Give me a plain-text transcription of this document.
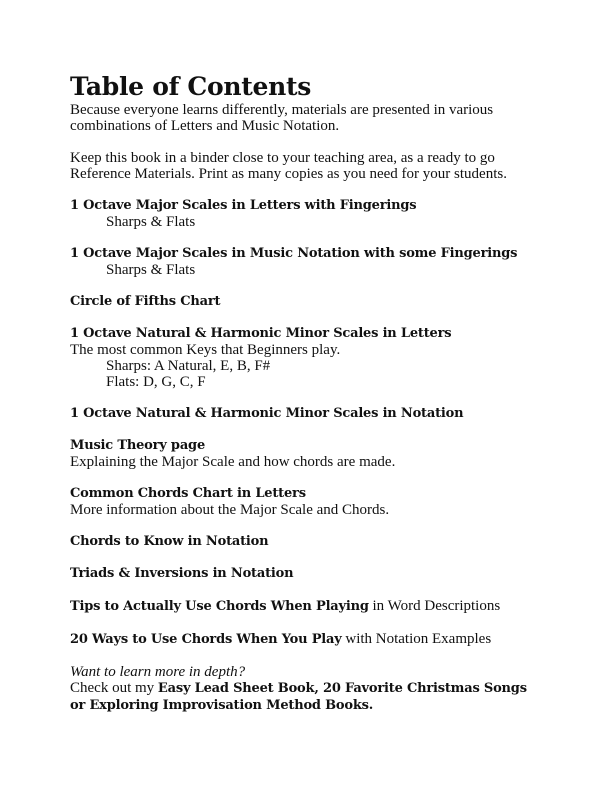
Table of Contents

Because everyone learns differently, materials are presented in various

combinations of Letters and Music Notation.

Keep this book in a binder close to your teaching area, as a ready to go

Reference Materials. Print as many copies as you need for your students.

1 Octave Major Scales in Letters with Fingerings

Sharps & Flats

1 Octave Major Scales in Music Notation with some Fingerings

Sharps & Flats

Circle of Fifths Chart

1 Octave Natural & Harmonic Minor Scales in Letters

The most common Keys that Beginners play.

Sharps: A Natural, E, B, F#

Flats: D, G, C, F

1 Octave Natural & Harmonic Minor Scales in Notation

Music Theory page

Explaining the Major Scale and how chords are made.

Common Chords Chart in Letters

More information about the Major Scale and Chords.

Chords to Know in Notation

Triads & Inversions in Notation

Tips to Actually Use Chords When Playing in Word Descriptions

20 Ways to Use Chords When You Play with Notation Examples

Want to learn more in depth?

Check out my Easy Lead Sheet Book, 20 Favorite Christmas Songs

or Exploring Improvisation Method Books.
